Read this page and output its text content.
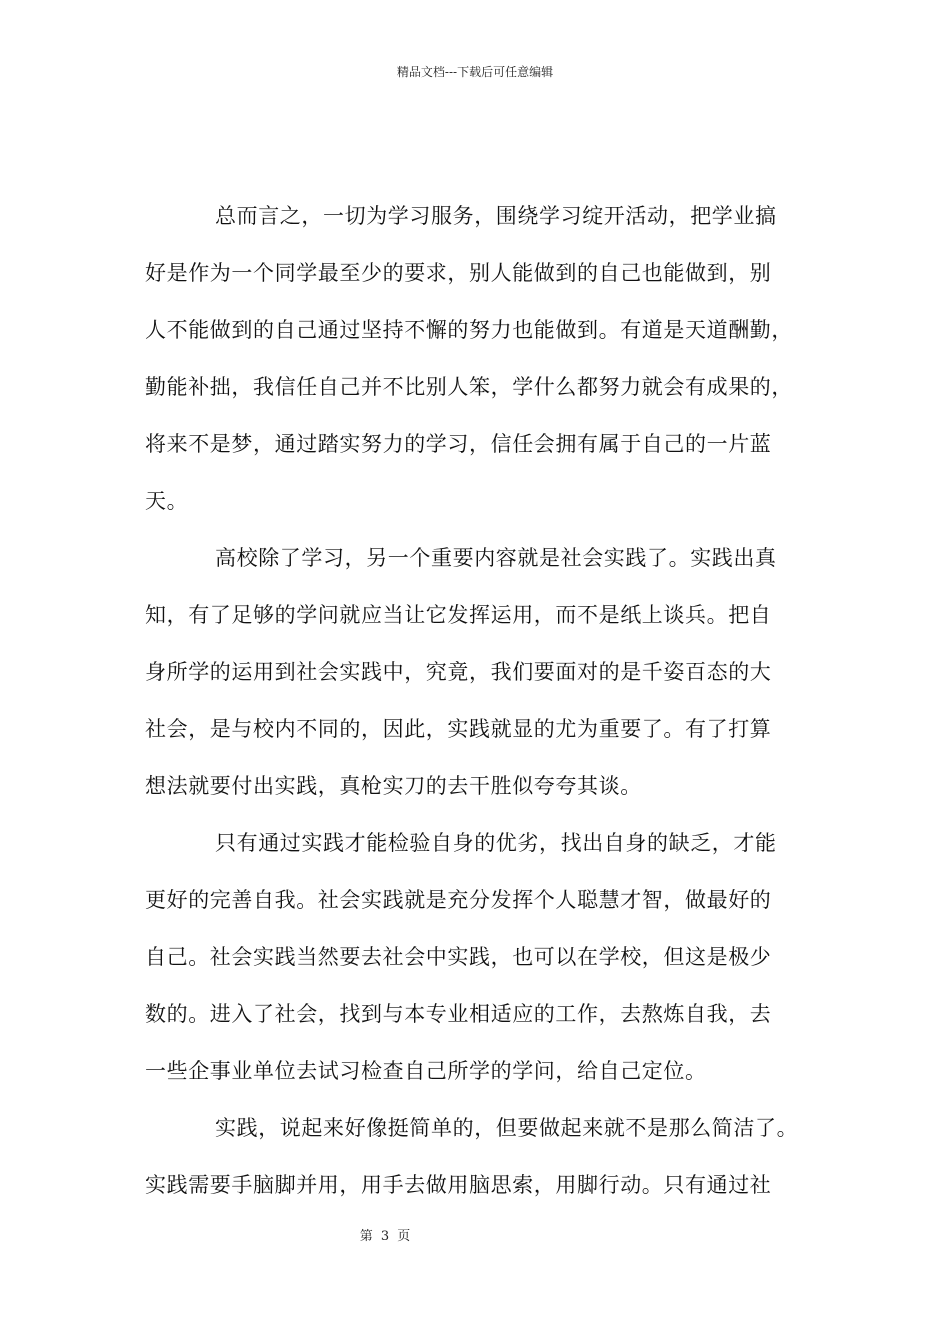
精品文档---下载后可任意编辑
总而言之，一切为学习服务，围绕学习绽开活动，把学业搞
好是作为一个同学最至少的要求，别人能做到的自己也能做到，别
人不能做到的自己通过坚持不懈的努力也能做到。有道是天道酬勤，
勤能补拙，我信任自己并不比别人笨，学什么都努力就会有成果的，
将来不是梦，通过踏实努力的学习，信任会拥有属于自己的一片蓝
天。
高校除了学习，另一个重要内容就是社会实践了。实践出真
知，有了足够的学问就应当让它发挥运用，而不是纸上谈兵。把自
身所学的运用到社会实践中，究竟，我们要面对的是千姿百态的大
社会，是与校内不同的，因此，实践就显的尤为重要了。有了打算
想法就要付出实践，真枪实刀的去干胜似夸夸其谈。
只有通过实践才能检验自身的优劣，找出自身的缺乏，才能
更好的完善自我。社会实践就是充分发挥个人聪慧才智，做最好的
自己。社会实践当然要去社会中实践，也可以在学校，但这是极少
数的。进入了社会，找到与本专业相适应的工作，去熬炼自我，去
一些企事业单位去试习检查自己所学的学问，给自己定位。
实践，说起来好像挺简单的，但要做起来就不是那么简洁了。
实践需要手脑脚并用，用手去做用脑思索，用脚行动。只有通过社
第 3 页
